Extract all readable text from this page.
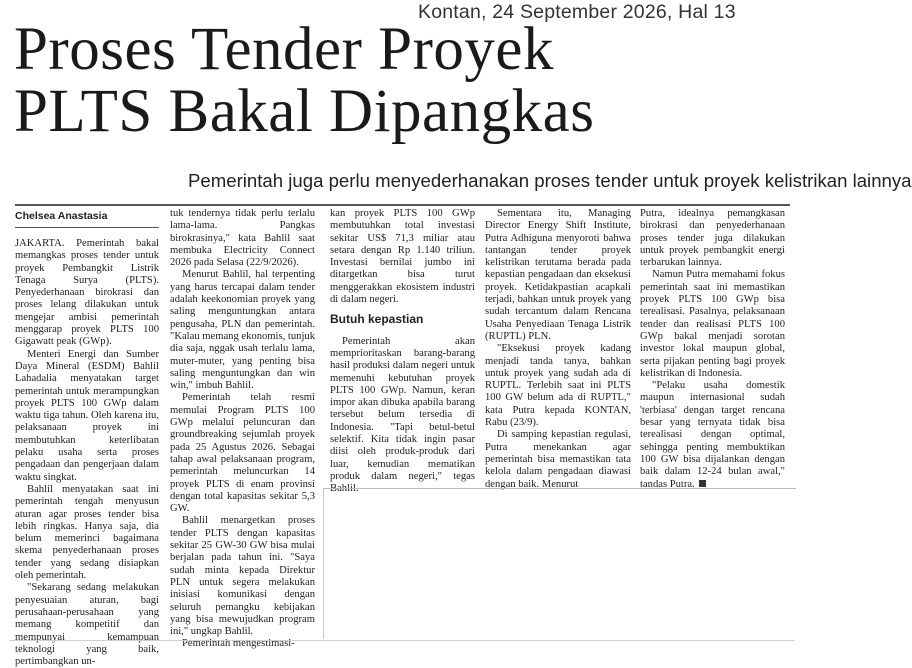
Kontan, 24 September 2026, Hal 13
Proses Tender Proyek
PLTS Bakal Dipangkas
Pemerintah juga perlu menyederhanakan proses tender untuk proyek kelistrikan lainnya
Chelsea Anastasia

JAKARTA. Pemerintah bakal memangkas proses tender untuk proyek Pembangkit Listrik Tenaga Surya (PLTS). Penyederhanaan birokrasi dan proses lelang dilakukan untuk mengejar ambisi pemerintah menggarap proyek PLTS 100 Gigawatt peak (GWp).

Menteri Energi dan Sumber Daya Mineral (ESDM) Bahlil Lahadalia menyatakan target pemerintah untuk merampungkan proyek PLTS 100 GWp dalam waktu tiga tahun. Oleh karena itu, pelaksanaan proyek ini membutuhkan keterlibatan pelaku usaha serta proses pengadaan dan pengerjaan dalam waktu singkat.

Bahlil menyatakan saat ini pemerintah tengah menyusun aturan agar proses tender bisa lebih ringkas. Hanya saja, dia belum memerinci bagaimana skema penyederhanaan proses tender yang sedang disiapkan oleh pemerintah.

"Sekarang sedang melakukan penyesuaian aturan, bagi perusahaan-perusahaan yang memang kompetitif dan mempunyai kemampuan teknologi yang baik, pertimbangkan un-

tuk tendernya tidak perlu terlalu lama-lama. Pangkas birokrasinya," kata Bahlil saat membuka Electricity Connect 2026 pada Selasa (22/9/2026).

Menurut Bahlil, hal terpenting yang harus tercapai dalam tender adalah keekonomian proyek yang saling menguntungkan antara pengusaha, PLN dan pemerintah. "Kalau memang ekonomis, tunjuk dia saja, nggak usah terlalu lama, muter-muter, yang penting bisa saling menguntungkan dan win win," imbuh Bahlil.

Pemerintah telah resmi memulai Program PLTS 100 GWp melalui peluncuran dan groundbreaking sejumlah proyek pada 25 Agustus 2026. Sebagai tahap awal pelaksanaan program, pemerintah meluncurkan 14 proyek PLTS di enam provinsi dengan total kapasitas sekitar 5,3 GW.

Bahlil menargetkan proses tender PLTS dengan kapasitas sekitar 25 GW-30 GW bisa mulai berjalan pada tahun ini. "Saya sudah minta kepada Direktur PLN untuk segera melakukan inisiasi komunikasi dengan seluruh pemangku kebijakan yang bisa mewujudkan program ini," ungkap Bahlil.

Pemerintah mengestimasi-

kan proyek PLTS 100 GWp membutuhkan total investasi sekitar US$ 71,3 miliar atau setara dengan Rp 1.140 triliun. Investasi bernilai jumbo ini ditargetkan bisa turut menggerakkan ekosistem industri di dalam negeri.

Butuh kepastian

Pemerintah akan memprioritaskan barang-barang hasil produksi dalam negeri untuk memenuhi kebutuhan proyek PLTS 100 GWp. Namun, keran impor akan dibuka apabila barang tersebut belum tersedia di Indonesia. "Tapi betul-betul selektif. Kita tidak ingin pasar diisi oleh produk-produk dari luar, kemudian mematikan produk dalam negeri," tegas Bahlil.

Sementara itu, Managing Director Energy Shift Institute, Putra Adhiguna menyoroti bahwa tantangan tender proyek kelistrikan terutama berada pada kepastian pengadaan dan eksekusi proyek. Ketidakpastian acapkali terjadi, bahkan untuk proyek yang sudah tercantum dalam Rencana Usaha Penyediaan Tenaga Listrik (RUPTL) PLN.

"Eksekusi proyek kadang menjadi tanda tanya, bahkan untuk proyek yang sudah ada di RUPTL. Terlebih saat ini PLTS 100 GW belum ada di RUPTL," kata Putra kepada KONTAN, Rabu (23/9).

Di samping kepastian regulasi, Putra menekankan agar pemerintah bisa memastikan tata kelola dalam pengadaan diawasi dengan baik. Menurut

Putra, idealnya pemangkasan birokrasi dan penyederhanaan proses tender juga dilakukan untuk proyek pembangkit energi terbarukan lainnya.

Namun Putra memahami fokus pemerintah saat ini memastikan proyek PLTS 100 GWp bisa terealisasi. Pasalnya, pelaksanaan tender dan realisasi PLTS 100 GWp bakal menjadi sorotan investor lokal maupun global, serta pijakan penting bagi proyek kelistrikan di Indonesia.

"Pelaku usaha domestik maupun internasional sudah 'terbiasa' dengan target rencana besar yang ternyata tidak bisa terealisasi dengan optimal, sehingga penting membuktikan 100 GW bisa dijalankan dengan baik dalam 12-24 bulan awal," tandas Putra.
